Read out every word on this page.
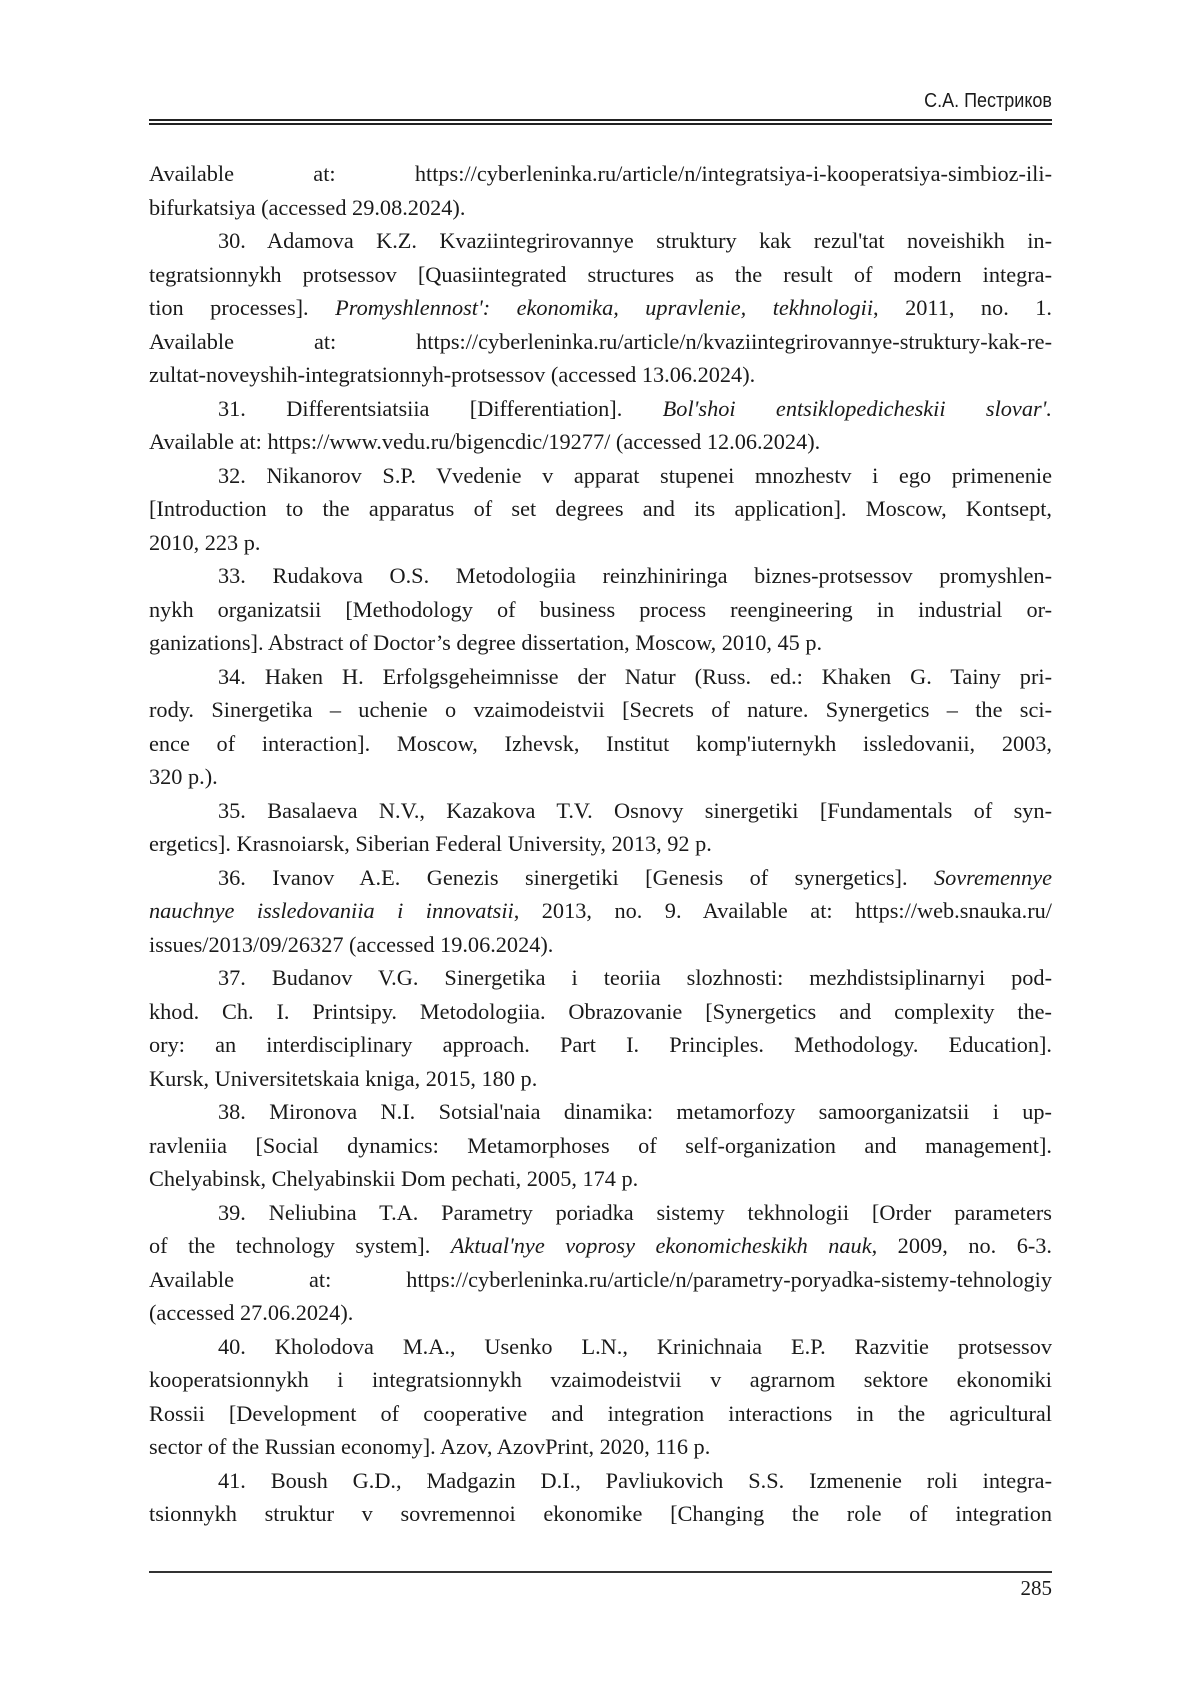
С.А. Пестриков
Available at: https://cyberleninka.ru/article/n/integratsiya-i-kooperatsiya-simbioz-ili-
bifurkatsiya (accessed 29.08.2024).
30. Adamova K.Z. Kvaziintegrirovannye struktury kak rezul'tat noveishikh in-
tegratsionnykh protsessov [Quasiintegrated structures as the result of modern integra-
tion processes]. Promyshlennost': ekonomika, upravlenie, tekhnologii, 2011, no. 1.
Available at: https://cyberleninka.ru/article/n/kvaziintegrirovannye-struktury-kak-re-
zultat-noveyshih-integratsionnyh-protsessov (accessed 13.06.2024).
31. Differentsiatsiia [Differentiation]. Bol'shoi entsiklopedicheskii slovar'.
Available at: https://www.vedu.ru/bigencdic/19277/ (accessed 12.06.2024).
32. Nikanorov S.P. Vvedenie v apparat stupenei mnozhestv i ego primenenie
[Introduction to the apparatus of set degrees and its application]. Moscow, Kontsept,
2010, 223 p.
33. Rudakova O.S. Metodologiia reinzhiniringa biznes-protsessov promyshlen-
nykh organizatsii [Methodology of business process reengineering in industrial or-
ganizations]. Abstract of Doctor’s degree dissertation, Moscow, 2010, 45 p.
34. Haken H. Erfolgsgeheimnisse der Natur (Russ. ed.: Khaken G. Tainy pri-
rody. Sinergetika – uchenie o vzaimodeistvii [Secrets of nature. Synergetics – the sci-
ence of interaction]. Moscow, Izhevsk, Institut komp'iuternykh issledovanii, 2003,
320 p.).
35. Basalaeva N.V., Kazakova T.V. Osnovy sinergetiki [Fundamentals of syn-
ergetics]. Krasnoiarsk, Siberian Federal University, 2013, 92 p.
36. Ivanov A.E. Genezis sinergetiki [Genesis of synergetics]. Sovremennye
nauchnye issledovaniia i innovatsii, 2013, no. 9. Available at: https://web.snauka.ru/
issues/2013/09/26327 (accessed 19.06.2024).
37. Budanov V.G. Sinergetika i teoriia slozhnosti: mezhdistsiplinarnyi pod-
khod. Ch. I. Printsipy. Metodologiia. Obrazovanie [Synergetics and complexity the-
ory: an interdisciplinary approach. Part I. Principles. Methodology. Education].
Kursk, Universitetskaia kniga, 2015, 180 p.
38. Mironova N.I. Sotsial'naia dinamika: metamorfozy samoorganizatsii i up-
ravleniia [Social dynamics: Metamorphoses of self-organization and management].
Chelyabinsk, Chelyabinskii Dom pechati, 2005, 174 p.
39. Neliubina T.A. Parametry poriadka sistemy tekhnologii [Order parameters
of the technology system]. Aktual'nye voprosy ekonomicheskikh nauk, 2009, no. 6-3.
Available at: https://cyberleninka.ru/article/n/parametry-poryadka-sistemy-tehnologiy
(accessed 27.06.2024).
40. Kholodova M.A., Usenko L.N., Krinichnaia E.P. Razvitie protsessov
kooperatsionnykh i integratsionnykh vzaimodeistvii v agrarnom sektore ekonomiki
Rossii [Development of cooperative and integration interactions in the agricultural
sector of the Russian economy]. Azov, AzovPrint, 2020, 116 p.
41. Boush G.D., Madgazin D.I., Pavliukovich S.S. Izmenenie roli integra-
tsionnykh struktur v sovremennoi ekonomike [Changing the role of integration
285
